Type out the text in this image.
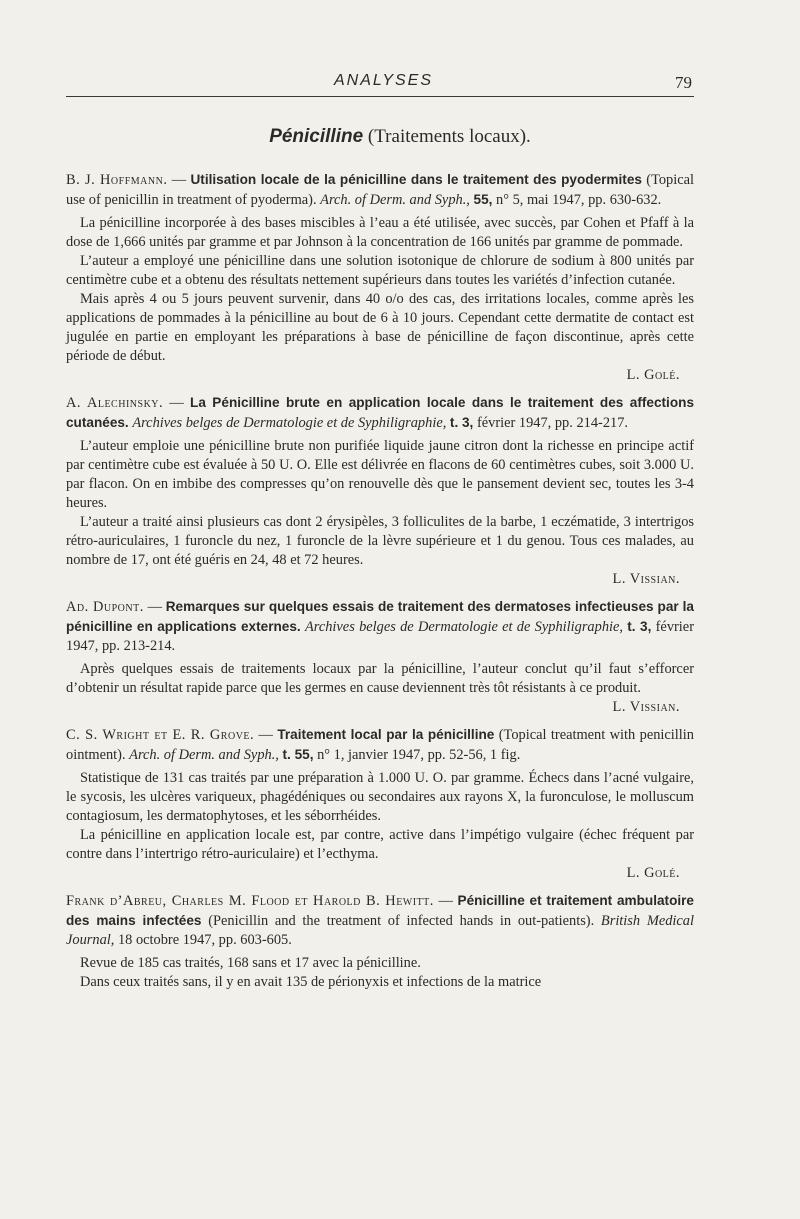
ANALYSES	79
Pénicilline (Traitements locaux).

B. J. Hoffmann. — Utilisation locale de la pénicilline dans le traitement des pyodermites (Topical use of penicillin in treatment of pyoderma). Arch. of Derm. and Syph., 55, n° 5, mai 1947, pp. 630-632.

La pénicilline incorporée à des bases miscibles à l’eau a été utilisée, avec succès, par Cohen et Pfaff à la dose de 1,666 unités par gramme et par Johnson à la concentration de 166 unités par gramme de pommade.

L’auteur a employé une pénicilline dans une solution isotonique de chlorure de sodium à 800 unités par centimètre cube et a obtenu des résultats nettement supérieurs dans toutes les variétés d’infection cutanée.

Mais après 4 ou 5 jours peuvent survenir, dans 40 o/o des cas, des irritations locales, comme après les applications de pommades à la pénicilline au bout de 6 à 10 jours. Cependant cette dermatite de contact est jugulée en partie en employant les préparations à base de pénicilline de façon discontinue, après cette période de début.

L. Golé.

A. Alechinsky. — La Pénicilline brute en application locale dans le traitement des affections cutanées. Archives belges de Dermatologie et de Syphiligraphie, t. 3, février 1947, pp. 214-217.

L’auteur emploie une pénicilline brute non purifiée liquide jaune citron dont la richesse en principe actif par centimètre cube est évaluée à 50 U. O. Elle est délivrée en flacons de 60 centimètres cubes, soit 3.000 U. par flacon. On en imbibe des compresses qu’on renouvelle dès que le pansement devient sec, toutes les 3-4 heures.

L’auteur a traité ainsi plusieurs cas dont 2 érysipèles, 3 folliculites de la barbe, 1 eczématide, 3 intertrigos rétro-auriculaires, 1 furoncle du nez, 1 furoncle de la lèvre supérieure et 1 du genou. Tous ces malades, au nombre de 17, ont été guéris en 24, 48 et 72 heures.

L. Vissian.

Ad. Dupont. — Remarques sur quelques essais de traitement des dermatoses infectieuses par la pénicilline en applications externes. Archives belges de Dermatologie et de Syphiligraphie, t. 3, février 1947, pp. 213-214.

Après quelques essais de traitements locaux par la pénicilline, l’auteur conclut qu’il faut s’efforcer d’obtenir un résultat rapide parce que les germes en cause deviennent très tôt résistants à ce produit.

L. Vissian.

C. S. Wright et E. R. Grove. — Traitement local par la pénicilline (Topical treatment with penicillin ointment). Arch. of Derm. and Syph., t. 55, n° 1, janvier 1947, pp. 52-56, 1 fig.

Statistique de 131 cas traités par une préparation à 1.000 U. O. par gramme. Échecs dans l’acné vulgaire, le sycosis, les ulcères variqueux, phagédéniques ou secondaires aux rayons X, la furonculose, le molluscum contagiosum, les dermatophytoses, et les séborrhéides.

La pénicilline en application locale est, par contre, active dans l’impétigo vulgaire (échec fréquent par contre dans l’intertrigo rétro-auriculaire) et l’ecthyma.

L. Golé.

Frank d’Abreu, Charles M. Flood et Harold B. Hewitt. — Pénicilline et traitement ambulatoire des mains infectées (Penicillin and the treatment of infected hands in out-patients). British Medical Journal, 18 octobre 1947, pp. 603-605.

Revue de 185 cas traités, 168 sans et 17 avec la pénicilline.

Dans ceux traités sans, il y en avait 135 de périonyxis et infections de la matrice
